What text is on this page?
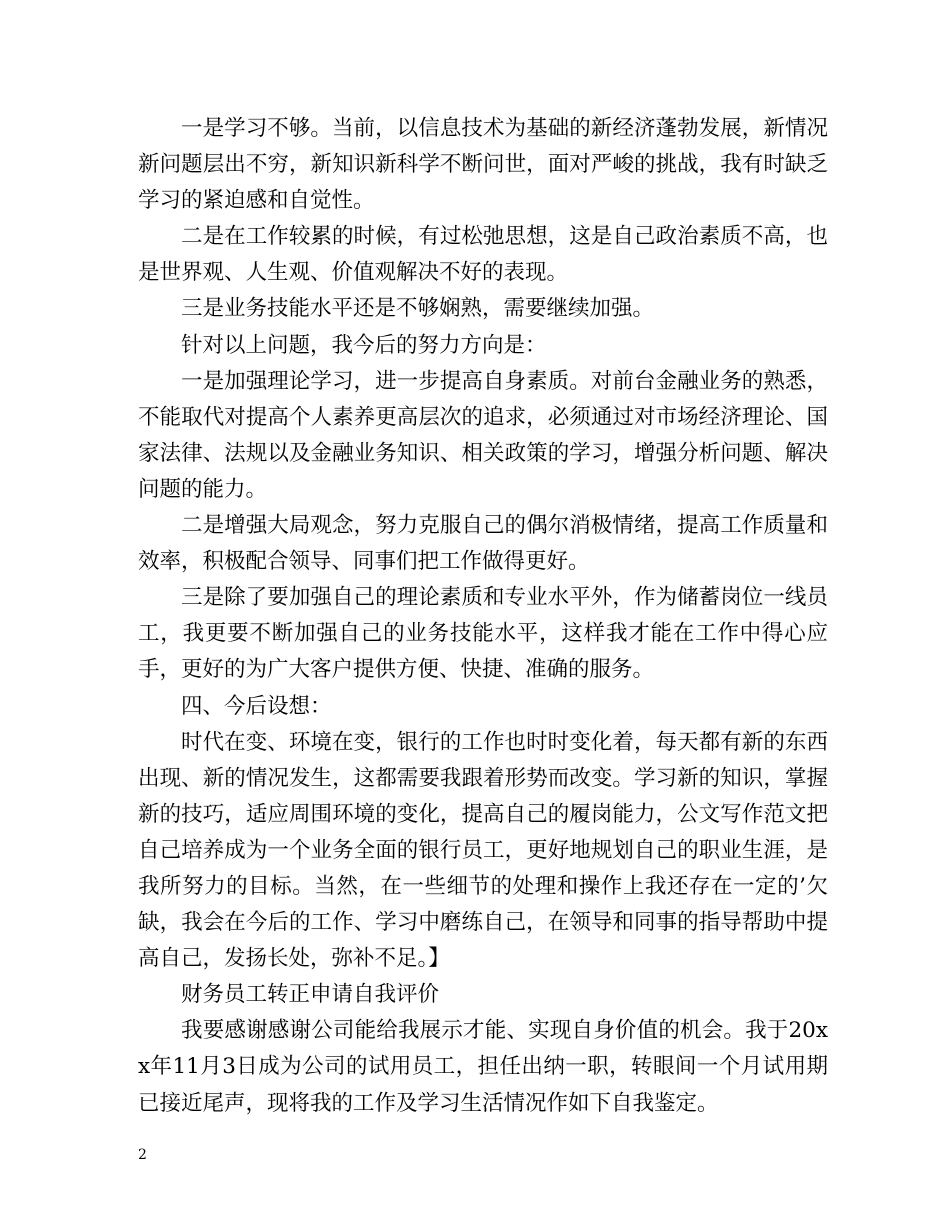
一是学习不够。当前，以信息技术为基础的新经济蓬勃发展，新情况新问题层出不穷，新知识新科学不断问世，面对严峻的挑战，我有时缺乏学习的紧迫感和自觉性。

二是在工作较累的时候，有过松弛思想，这是自己政治素质不高，也是世界观、人生观、价值观解决不好的表现。

三是业务技能水平还是不够娴熟，需要继续加强。

针对以上问题，我今后的努力方向是：

一是加强理论学习，进一步提高自身素质。对前台金融业务的熟悉，不能取代对提高个人素养更高层次的追求，必须通过对市场经济理论、国家法律、法规以及金融业务知识、相关政策的学习，增强分析问题、解决问题的能力。

二是增强大局观念，努力克服自己的偶尔消极情绪，提高工作质量和效率，积极配合领导、同事们把工作做得更好。

三是除了要加强自己的理论素质和专业水平外，作为储蓄岗位一线员工，我更要不断加强自己的业务技能水平，这样我才能在工作中得心应手，更好的为广大客户提供方便、快捷、准确的服务。

四、今后设想：

时代在变、环境在变，银行的工作也时时变化着，每天都有新的东西出现、新的情况发生，这都需要我跟着形势而改变。学习新的知识，掌握新的技巧，适应周围环境的变化，提高自己的履岗能力，公文写作范文把自己培养成为一个业务全面的银行员工，更好地规划自己的职业生涯，是我所努力的目标。当然，在一些细节的处理和操作上我还存在一定的’欠缺，我会在今后的工作、学习中磨练自己，在领导和同事的指导帮助中提高自己，发扬长处，弥补不足。】

财务员工转正申请自我评价

我要感谢感谢公司能给我展示才能、实现自身价值的机会。我于20xx年11月3日成为公司的试用员工，担任出纳一职，转眼间一个月试用期已接近尾声，现将我的工作及学习生活情况作如下自我鉴定。

2
